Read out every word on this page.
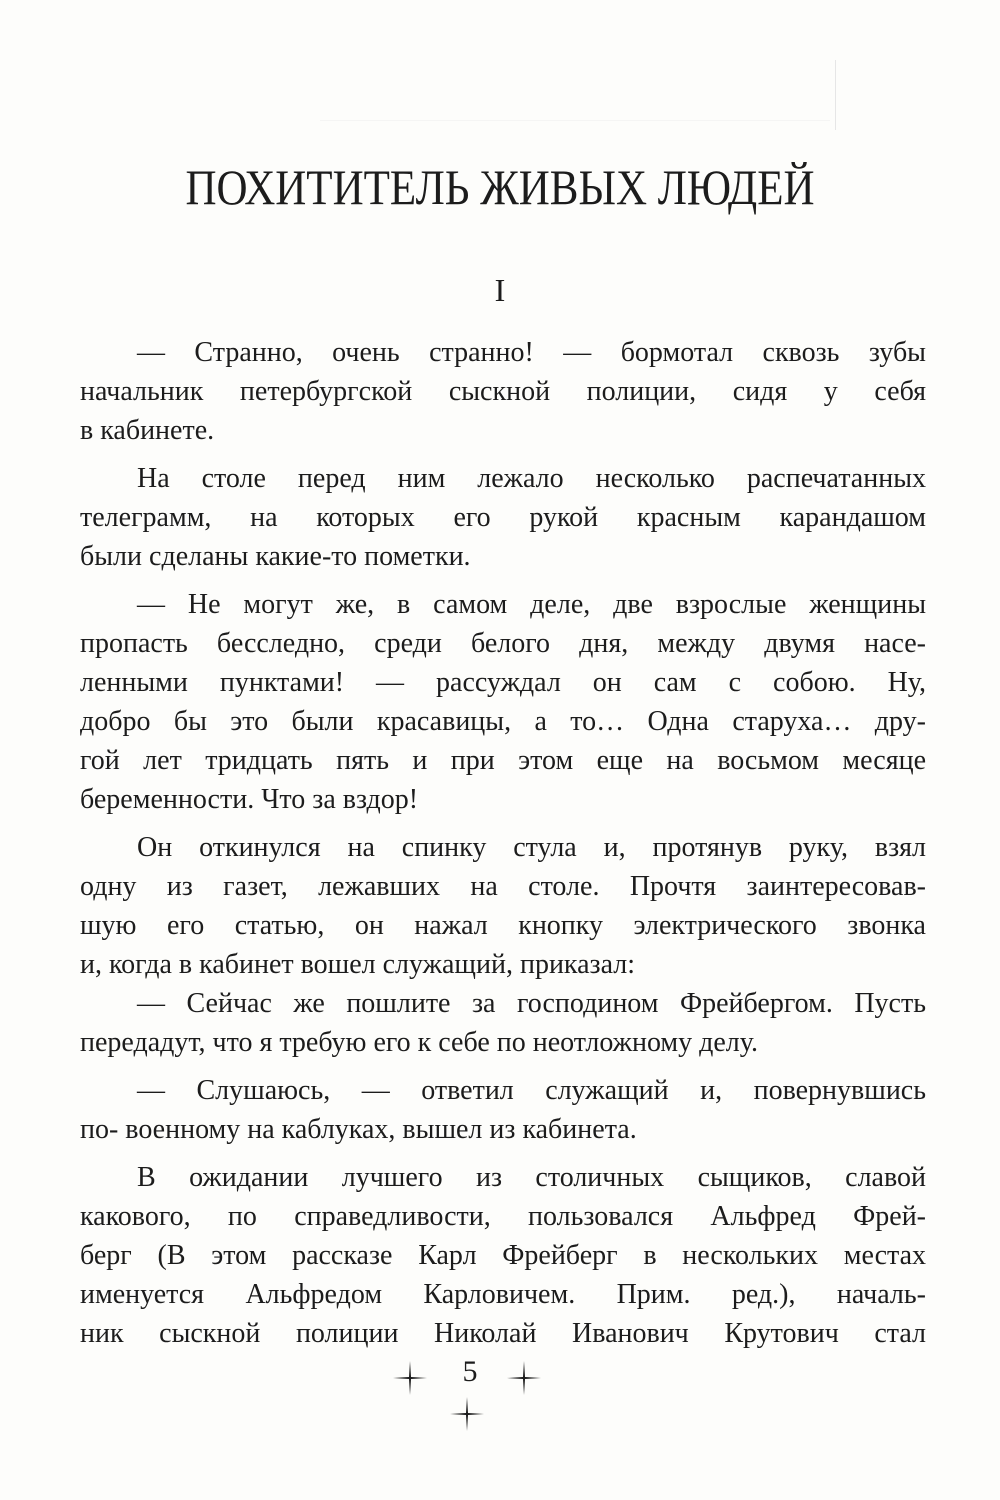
ПОХИТИТЕЛЬ ЖИВЫХ ЛЮДЕЙ
I
— Странно, очень странно! — бормотал сквозь зубы
начальник петербургской сыскной полиции, сидя у себя
в кабинете.
На столе перед ним лежало несколько распечатанных
телеграмм, на которых его рукой красным карандашом
были сделаны какие-то пометки.
— Не могут же, в самом деле, две взрослые женщины
пропасть бесследно, среди белого дня, между двумя насе-
ленными пунктами! — рассуждал он сам с собою. Ну,
добро бы это были красавицы, а то… Одна старуха… дру-
гой лет тридцать пять и при этом еще на восьмом месяце
беременности. Что за вздор!
Он откинулся на спинку стула и, протянув руку, взял
одну из газет, лежавших на столе. Прочтя заинтересовав-
шую его статью, он нажал кнопку электрического звонка
и, когда в кабинет вошел служащий, приказал:
— Сейчас же пошлите за господином Фрейбергом. Пусть
передадут, что я требую его к себе по неотложному делу.
— Слушаюсь, — ответил служащий и, повернувшись
по- военному на каблуках, вышел из кабинета.
В ожидании лучшего из столичных сыщиков, славой
какового, по справедливости, пользовался Альфред Фрей-
берг (В этом рассказе Карл Фрейберг в нескольких местах
именуется Альфредом Карловичем. Прим. ред.), началь-
ник сыскной полиции Николай Иванович Крутович стал
5
